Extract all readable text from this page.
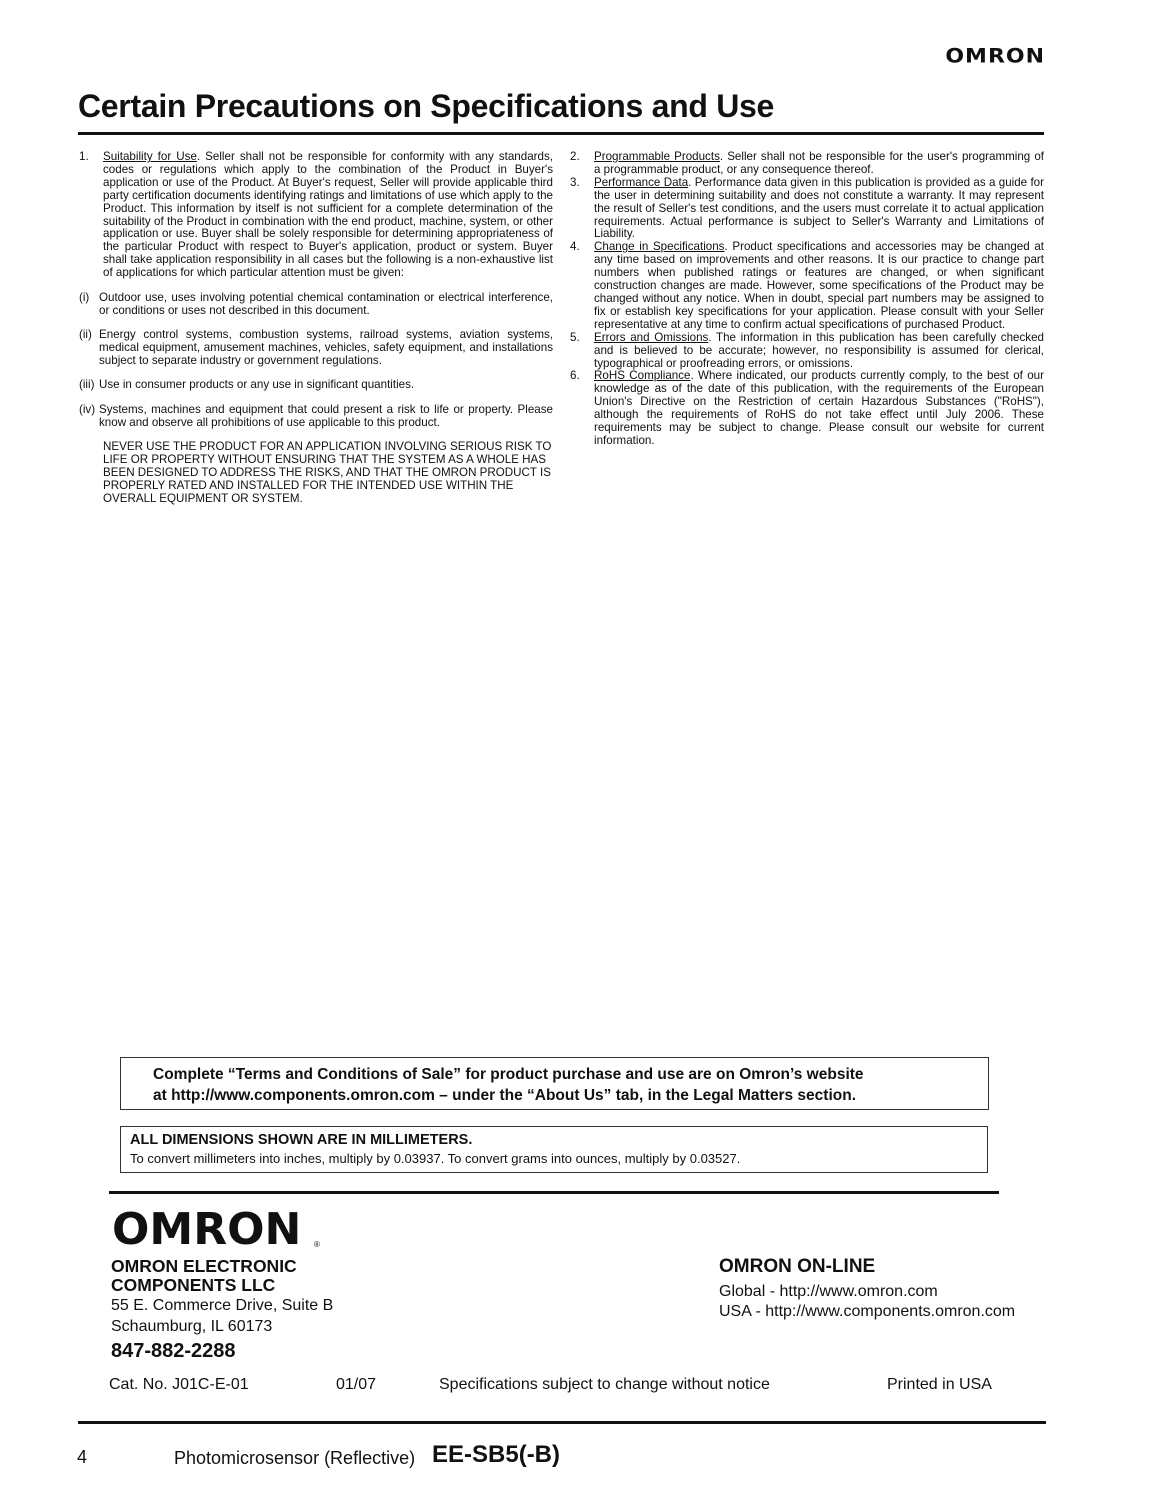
OMRON
Certain Precautions on Specifications and Use

1. Suitability for Use. Seller shall not be responsible for conformity with any standards, codes or regulations which apply to the combination of the Product in Buyer's application or use of the Product. At Buyer's request, Seller will provide applicable third party certification documents identifying ratings and limitations of use which apply to the Product. This information by itself is not sufficient for a complete determination of the suitability of the Product in combination with the end product, machine, system, or other application or use. Buyer shall be solely responsible for determining appropriateness of the particular Product with respect to Buyer's application, product or system. Buyer shall take application responsibility in all cases but the following is a non-exhaustive list of applications for which particular attention must be given:

(i) Outdoor use, uses involving potential chemical contamination or electrical interference, or conditions or uses not described in this document.

(ii) Energy control systems, combustion systems, railroad systems, aviation systems, medical equipment, amusement machines, vehicles, safety equipment, and installations subject to separate industry or government regulations.

(iii) Use in consumer products or any use in significant quantities.

(iv) Systems, machines and equipment that could present a risk to life or property. Please know and observe all prohibitions of use applicable to this product.

NEVER USE THE PRODUCT FOR AN APPLICATION INVOLVING SERIOUS RISK TO LIFE OR PROPERTY WITHOUT ENSURING THAT THE SYSTEM AS A WHOLE HAS BEEN DESIGNED TO ADDRESS THE RISKS, AND THAT THE OMRON PRODUCT IS PROPERLY RATED AND INSTALLED FOR THE INTENDED USE WITHIN THE OVERALL EQUIPMENT OR SYSTEM.

2. Programmable Products. Seller shall not be responsible for the user's programming of a programmable product, or any consequence thereof.

3. Performance Data. Performance data given in this publication is provided as a guide for the user in determining suitability and does not constitute a warranty. It may represent the result of Seller's test conditions, and the users must correlate it to actual application requirements. Actual performance is subject to Seller's Warranty and Limitations of Liability.

4. Change in Specifications. Product specifications and accessories may be changed at any time based on improvements and other reasons. It is our practice to change part numbers when published ratings or features are changed, or when significant construction changes are made. However, some specifications of the Product may be changed without any notice. When in doubt, special part numbers may be assigned to fix or establish key specifications for your application. Please consult with your Seller representative at any time to confirm actual specifications of purchased Product.

5. Errors and Omissions. The information in this publication has been carefully checked and is believed to be accurate; however, no responsibility is assumed for clerical, typographical or proofreading errors, or omissions.

6. RoHS Compliance. Where indicated, our products currently comply, to the best of our knowledge as of the date of this publication, with the requirements of the European Union's Directive on the Restriction of certain Hazardous Substances ("RoHS"), although the requirements of RoHS do not take effect until July 2006. These requirements may be subject to change. Please consult our website for current information.

Complete “Terms and Conditions of Sale” for product purchase and use are on Omron’s website
at http://www.components.omron.com – under the “About Us” tab, in the Legal Matters section.
ALL DIMENSIONS SHOWN ARE IN MILLIMETERS.
To convert millimeters into inches, multiply by 0.03937. To convert grams into ounces, multiply by 0.03527.
OMRON ®
OMRON ELECTRONIC
COMPONENTS LLC
55 E. Commerce Drive, Suite B
Schaumburg, IL 60173
847-882-2288
OMRON ON-LINE
Global - http://www.omron.com
USA - http://www.components.omron.com
Cat. No. J01C-E-01	01/07	Specifications subject to change without notice	Printed in USA
4	Photomicrosensor (Reflective) EE-SB5(-B)
